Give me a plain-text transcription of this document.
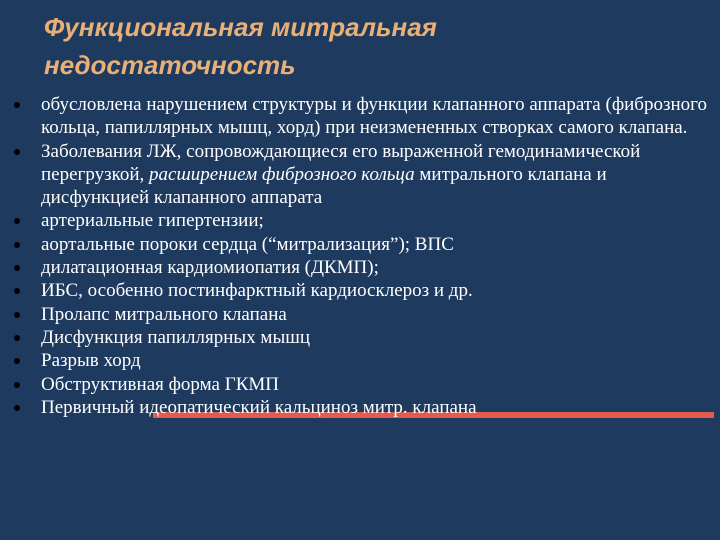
Функциональная митральная
недостаточность
обусловлена нарушением структуры и функции клапанного аппарата (фиброзного кольца, папиллярных мышц, хорд) при неизмененных створках самого клапана.
Заболевания ЛЖ, сопровождающиеся его выраженной гемодинамической перегрузкой, расширением фиброзного кольца митрального клапана и дисфункцией клапанного аппарата
артериальные гипертензии;
аортальные пороки сердца (“митрализация”); ВПС
дилатационная кардиомиопатия (ДКМП);
ИБС, особенно постинфарктный кардиосклероз и др.
Пролапс митрального клапана
Дисфункция папиллярных мышц
Разрыв хорд
Обструктивная форма ГКМП
Первичный идеопатический кальциноз митр. клапана
